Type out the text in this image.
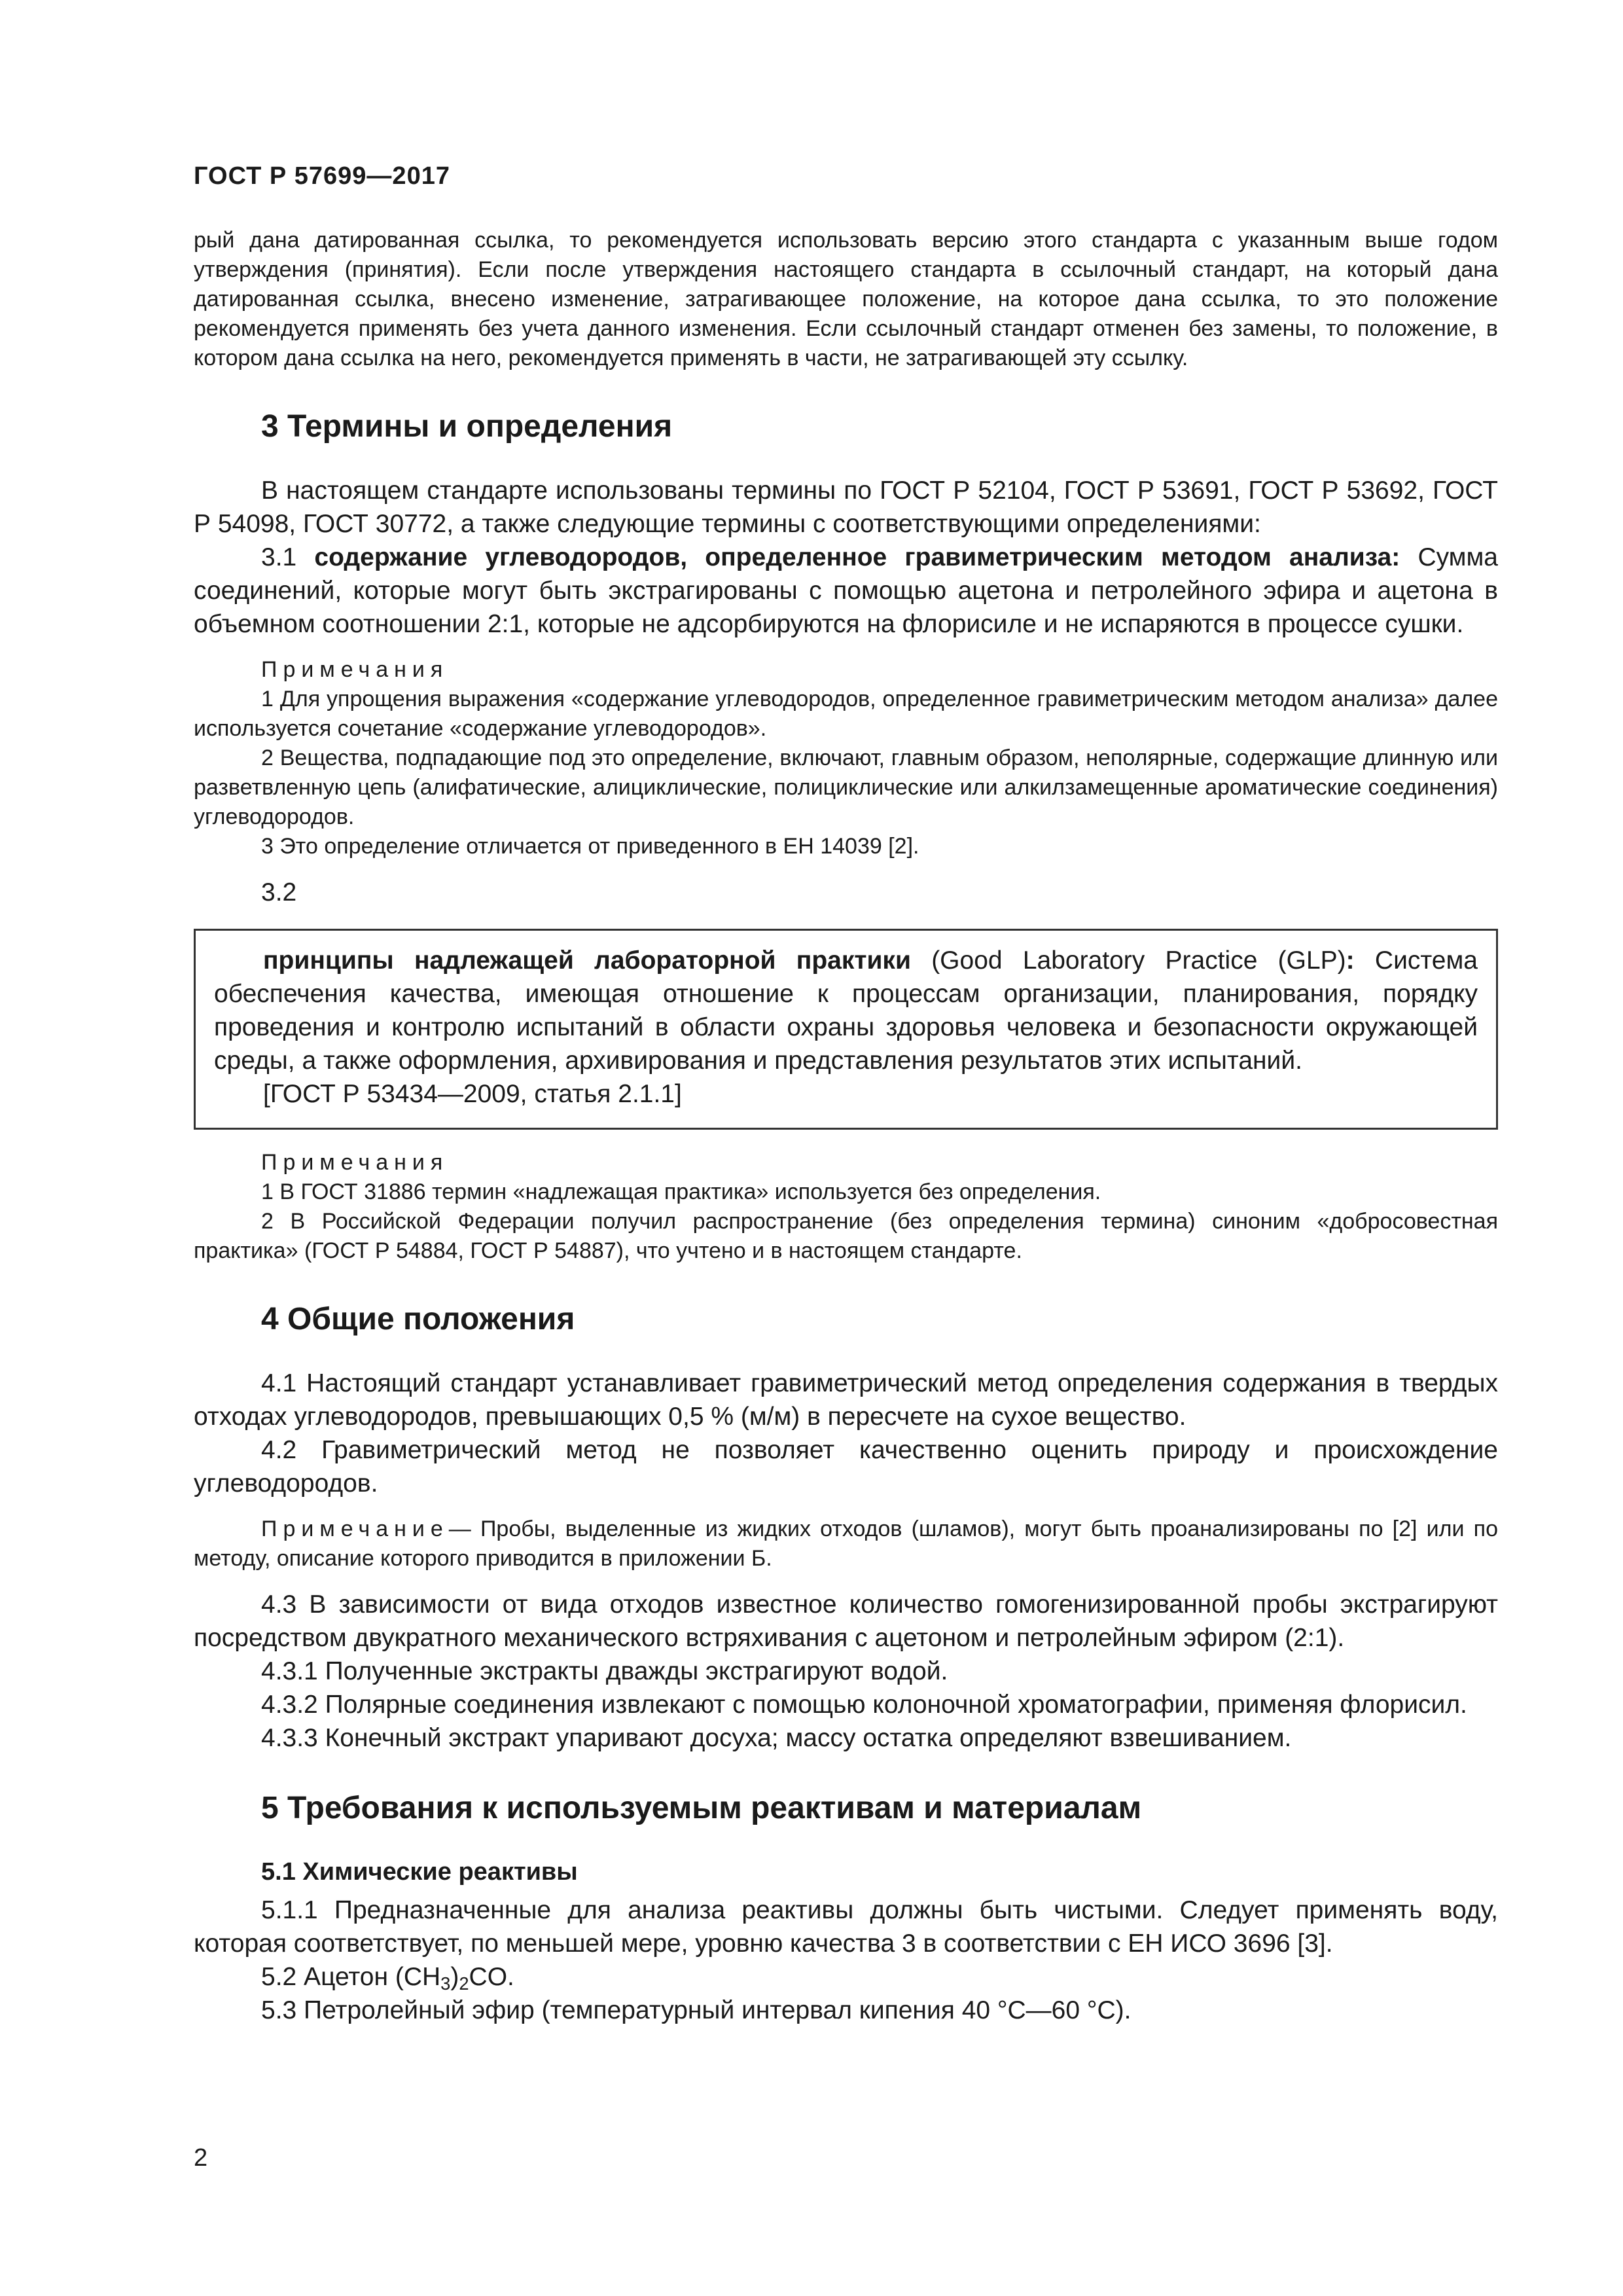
ГОСТ Р 57699—2017

рый дана датированная ссылка, то рекомендуется использовать версию этого стандарта с указанным выше годом утверждения (принятия). Если после утверждения настоящего стандарта в ссылочный стандарт, на который дана датированная ссылка, внесено изменение, затрагивающее положение, на которое дана ссылка, то это положение рекомендуется применять без учета данного изменения. Если ссылочный стандарт отменен без замены, то положение, в котором дана ссылка на него, рекомендуется применять в части, не затрагивающей эту ссылку.

3 Термины и определения

В настоящем стандарте использованы термины по ГОСТ Р 52104, ГОСТ Р 53691, ГОСТ Р 53692, ГОСТ Р 54098, ГОСТ 30772, а также следующие термины с соответствующими определениями:

3.1 содержание углеводородов, определенное гравиметрическим методом анализа: Сумма соединений, которые могут быть экстрагированы с помощью ацетона и петролейного эфира и ацетона в объемном соотношении 2:1, которые не адсорбируются на флорисиле и не испаряются в процессе сушки.

Примечания

1 Для упрощения выражения «содержание углеводородов, определенное гравиметрическим методом анализа» далее используется сочетание «содержание углеводородов».

2 Вещества, подпадающие под это определение, включают, главным образом, неполярные, содержащие длинную или разветвленную цепь (алифатические, алициклические, полициклические или алкилзамещенные ароматические соединения) углеводородов.

3 Это определение отличается от приведенного в ЕН 14039 [2].

3.2

принципы надлежащей лабораторной практики (Good Laboratory Practice (GLP): Система обеспечения качества, имеющая отношение к процессам организации, планирования, порядку проведения и контролю испытаний в области охраны здоровья человека и безопасности окружающей среды, а также оформления, архивирования и представления результатов этих испытаний.

[ГОСТ Р 53434—2009, статья 2.1.1]

Примечания

1 В ГОСТ 31886 термин «надлежащая практика» используется без определения.

2 В Российской Федерации получил распространение (без определения термина) синоним «добросовестная практика» (ГОСТ Р 54884, ГОСТ Р 54887), что учтено и в настоящем стандарте.

4 Общие положения

4.1 Настоящий стандарт устанавливает гравиметрический метод определения содержания в твердых отходах углеводородов, превышающих 0,5 % (м/м) в пересчете на сухое вещество.

4.2 Гравиметрический метод не позволяет качественно оценить природу и происхождение углеводородов.

Примечание— Пробы, выделенные из жидких отходов (шламов), могут быть проанализированы по [2] или по методу, описание которого приводится в приложении Б.

4.3 В зависимости от вида отходов известное количество гомогенизированной пробы экстрагируют посредством двукратного механического встряхивания с ацетоном и петролейным эфиром (2:1).

4.3.1 Полученные экстракты дважды экстрагируют водой.

4.3.2 Полярные соединения извлекают с помощью колоночной хроматографии, применяя флорисил.

4.3.3 Конечный экстракт упаривают досуха; массу остатка определяют взвешиванием.

5 Требования к используемым реактивам и материалам
5.1 Химические реактивы

5.1.1 Предназначенные для анализа реактивы должны быть чистыми. Следует применять воду, которая соответствует, по меньшей мере, уровню качества 3 в соответствии с ЕН ИСО 3696 [3].

5.2 Ацетон $(CH_3)_2CO$.

5.3 Петролейный эфир (температурный интервал кипения 40 °С—60 °С).

2
